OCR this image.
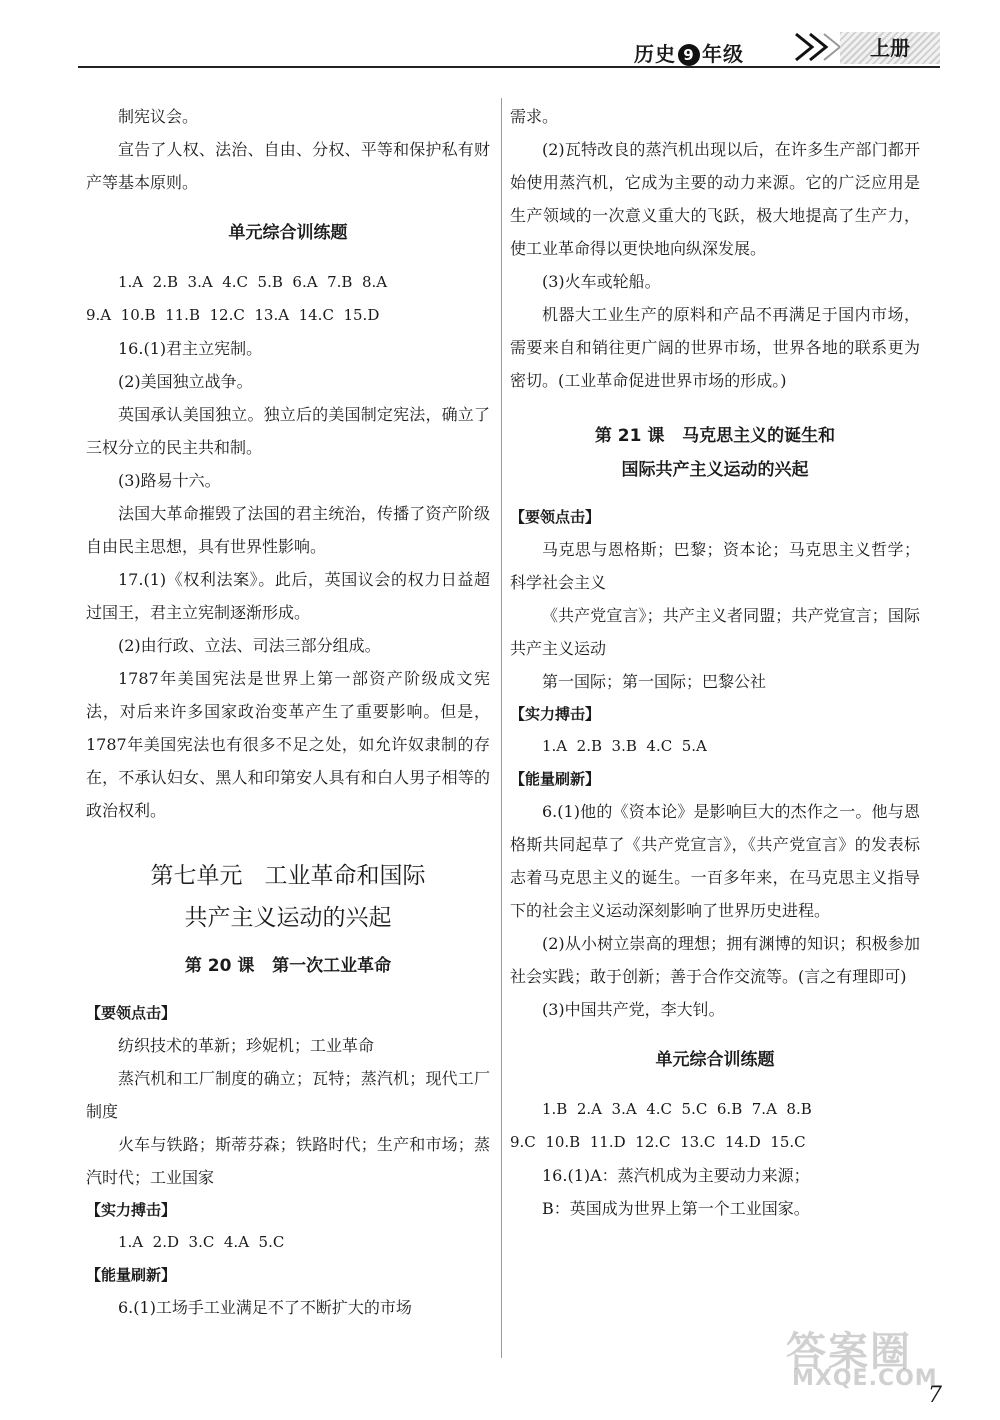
历史 9 年级	上册

制宪议会。

宣告了人权、法治、自由、分权、平等和保护私有财产等基本原则。

单元综合训练题

1.A  2.B  3.A  4.C  5.B  6.A  7.B  8.A

9.A  10.B  11.B  12.C  13.A  14.C  15.D

16.(1)君主立宪制。

(2)美国独立战争。

英国承认美国独立。独立后的美国制定宪法，确立了三权分立的民主共和制。

(3)路易十六。

法国大革命摧毁了法国的君主统治，传播了资产阶级自由民主思想，具有世界性影响。

17.(1)《权利法案》。此后，英国议会的权力日益超过国王，君主立宪制逐渐形成。

(2)由行政、立法、司法三部分组成。

1787年美国宪法是世界上第一部资产阶级成文宪法，对后来许多国家政治变革产生了重要影响。但是，1787年美国宪法也有很多不足之处，如允许奴隶制的存在，不承认妇女、黑人和印第安人具有和白人男子相等的政治权利。

第七单元   工业革命和国际
共产主义运动的兴起
第 20 课   第一次工业革命
【要领点击】

纺织技术的革新；珍妮机；工业革命

蒸汽机和工厂制度的确立；瓦特；蒸汽机；现代工厂制度

火车与铁路；斯蒂芬森；铁路时代；生产和市场；蒸汽时代；工业国家

【实力搏击】

1.A  2.D  3.C  4.A  5.C

【能量刷新】

6.(1)工场手工业满足不了不断扩大的市场

需求。

(2)瓦特改良的蒸汽机出现以后，在许多生产部门都开始使用蒸汽机，它成为主要的动力来源。它的广泛应用是生产领域的一次意义重大的飞跃，极大地提高了生产力，使工业革命得以更快地向纵深发展。

(3)火车或轮船。

机器大工业生产的原料和产品不再满足于国内市场，需要来自和销往更广阔的世界市场，世界各地的联系更为密切。(工业革命促进世界市场的形成。)

第 21 课   马克思主义的诞生和
国际共产主义运动的兴起
【要领点击】

马克思与恩格斯；巴黎；资本论；马克思主义哲学；科学社会主义

《共产党宣言》；共产主义者同盟；共产党宣言；国际共产主义运动

第一国际；第一国际；巴黎公社

【实力搏击】

1.A  2.B  3.B  4.C  5.A

【能量刷新】

6.(1)他的《资本论》是影响巨大的杰作之一。他与恩格斯共同起草了《共产党宣言》，《共产党宣言》的发表标志着马克思主义的诞生。一百多年来，在马克思主义指导下的社会主义运动深刻影响了世界历史进程。

(2)从小树立崇高的理想；拥有渊博的知识；积极参加社会实践；敢于创新；善于合作交流等。(言之有理即可)

(3)中国共产党，李大钊。

单元综合训练题

1.B  2.A  3.A  4.C  5.C  6.B  7.A  8.B

9.C  10.B  11.D  12.C  13.C  14.D  15.C

16.(1)A：蒸汽机成为主要动力来源；

B：英国成为世界上第一个工业国家。

答案圈
MXQE.COM
7
